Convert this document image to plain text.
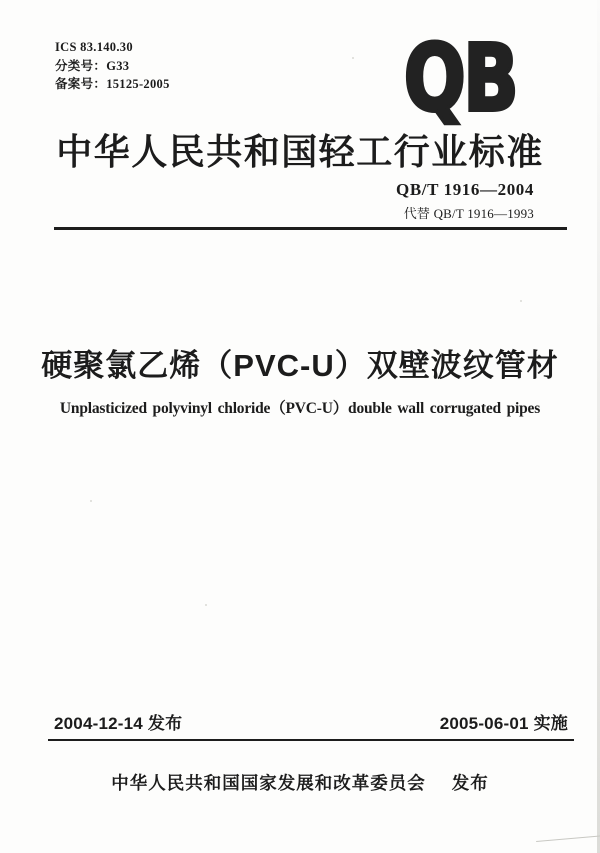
ICS 83.140.30
分类号：G33
备案号：15125-2005	QB
中华人民共和国轻工行业标准
QB/T 1916—2004
代替 QB/T 1916—1993
硬聚氯乙烯（PVC-U）双壁波纹管材
Unplasticized polyvinyl chloride（PVC-U）double wall corrugated pipes
2004-12-14 发布	2005-06-01 实施
中华人民共和国国家发展和改革委员会 发布
